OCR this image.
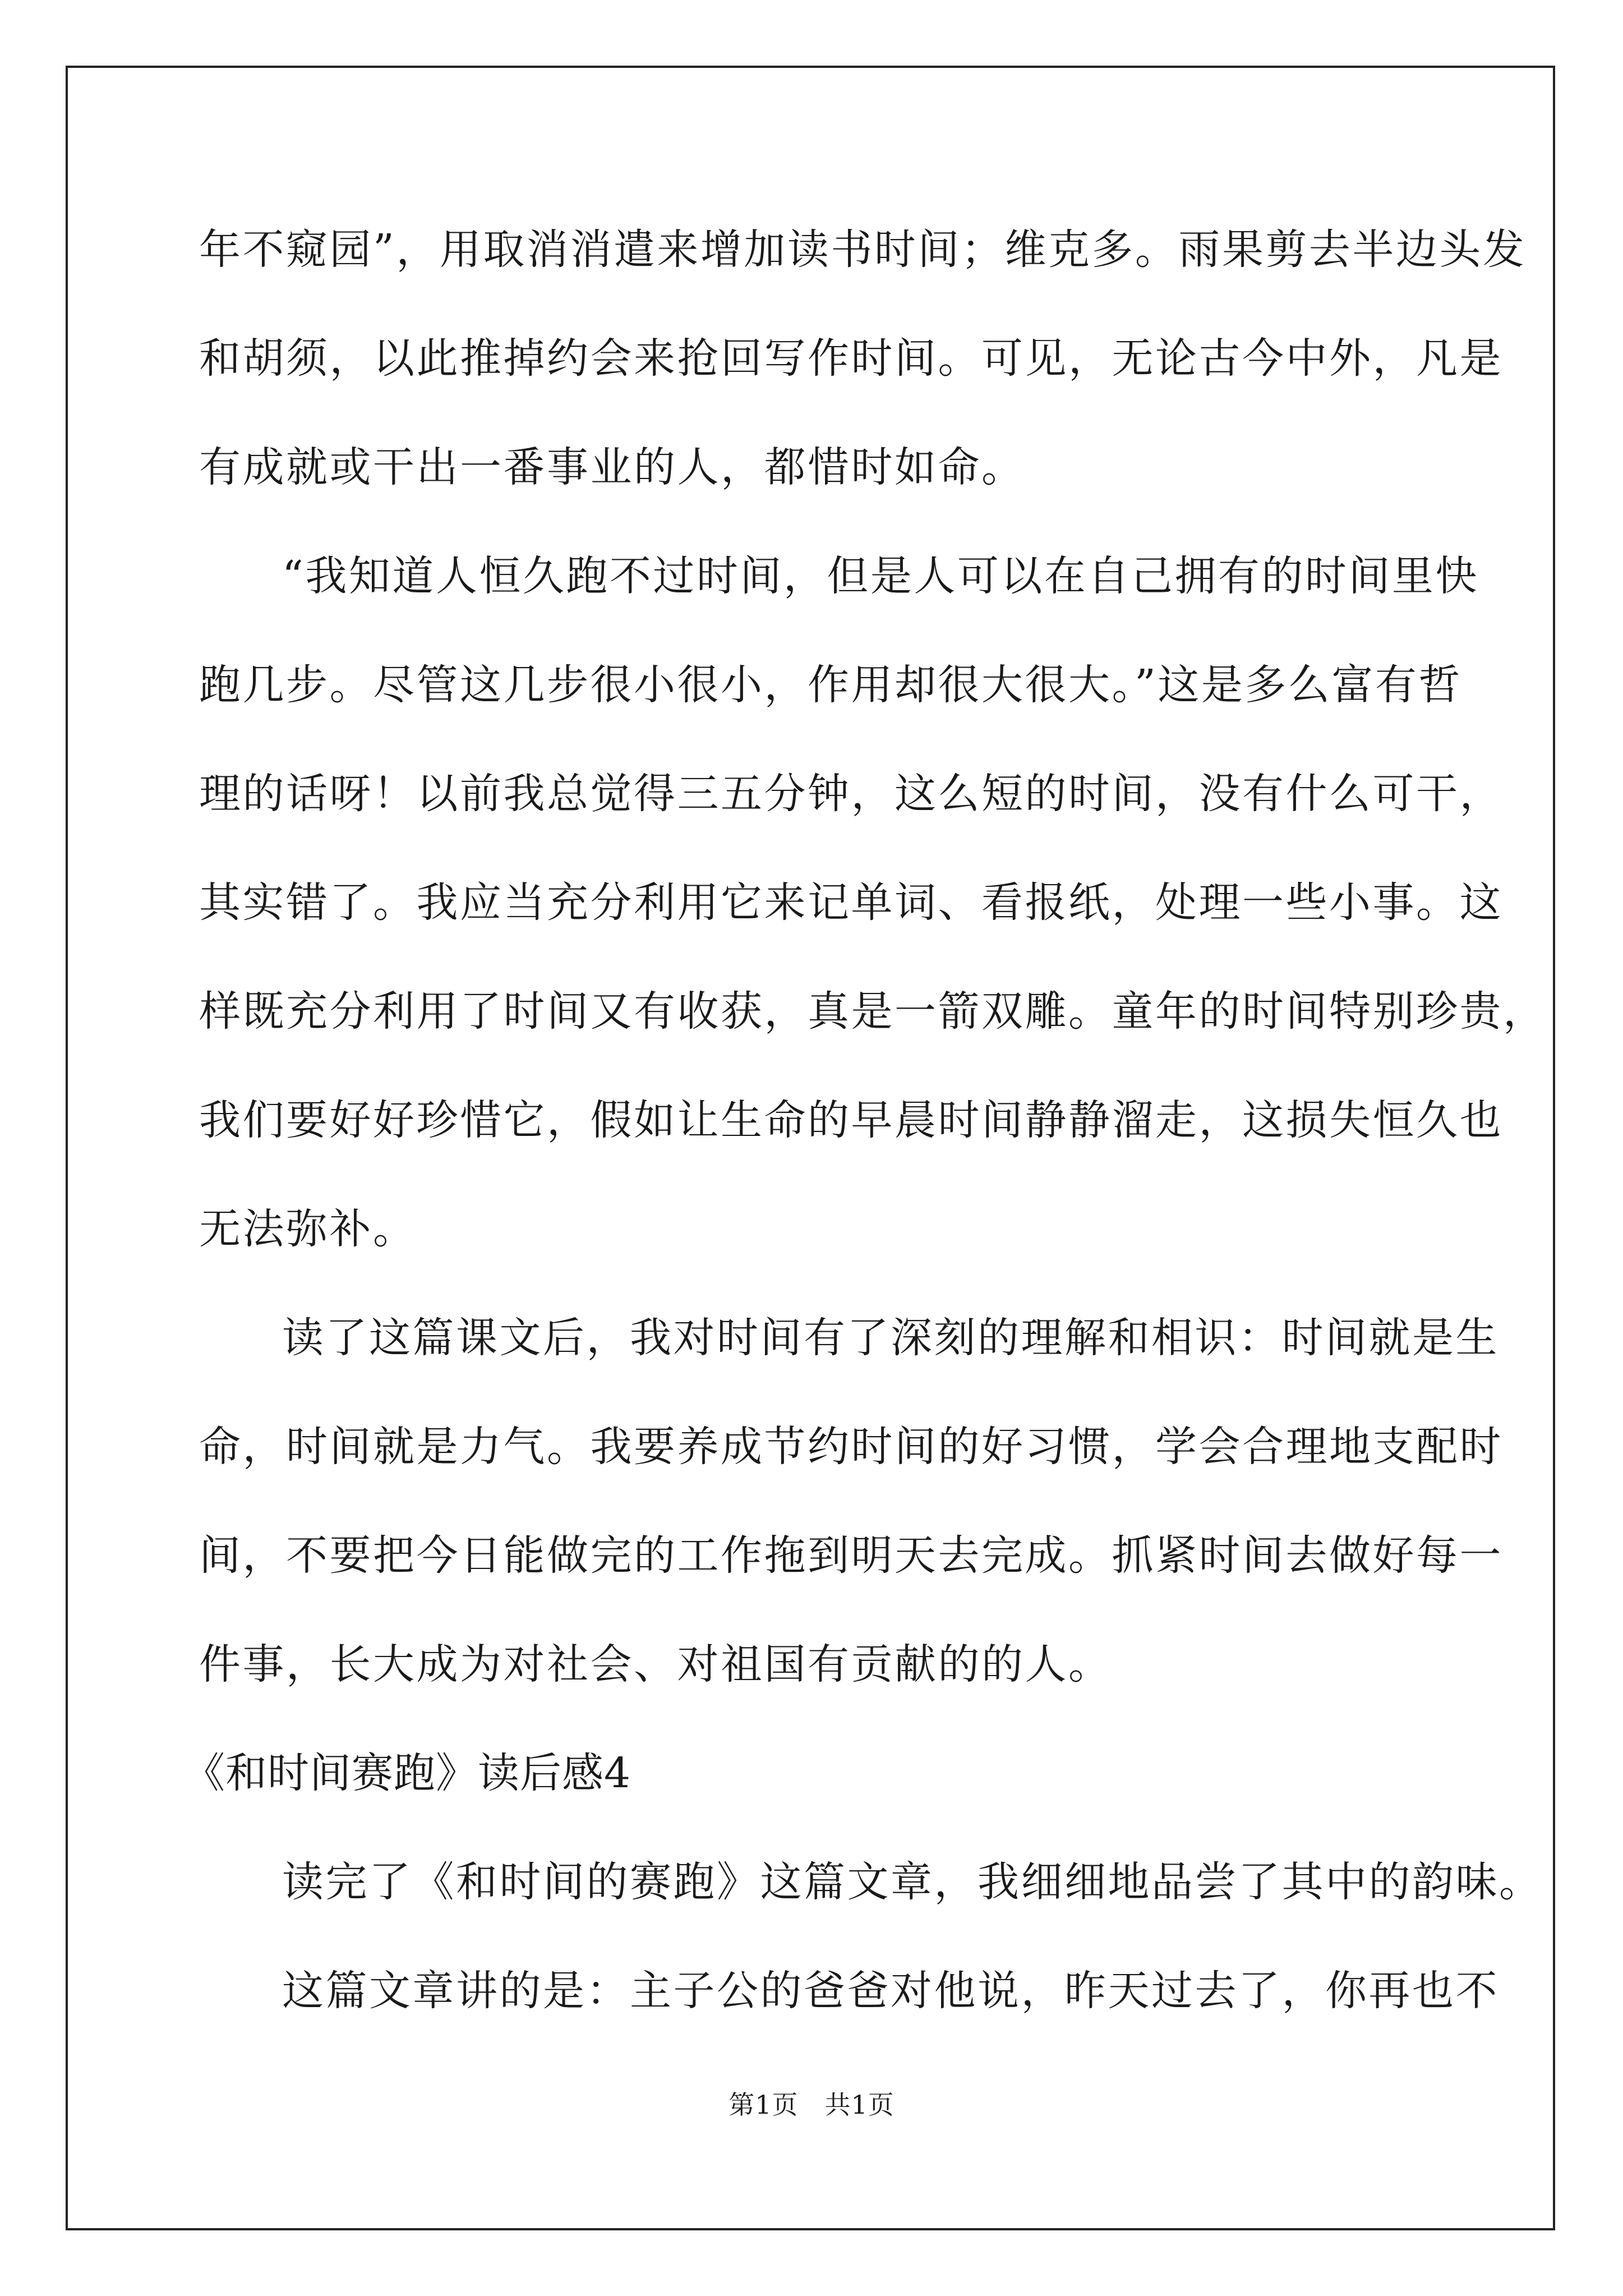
年不窥园”，用取消消遣来增加读书时间；维克多。雨果剪去半边头发
和胡须，以此推掉约会来抢回写作时间。可见，无论古今中外，凡是
有成就或干出一番事业的人，都惜时如命。
“我知道人恒久跑不过时间，但是人可以在自己拥有的时间里快
跑几步。尽管这几步很小很小，作用却很大很大。”这是多么富有哲
理的话呀！以前我总觉得三五分钟，这么短的时间，没有什么可干，
其实错了。我应当充分利用它来记单词、看报纸，处理一些小事。这
样既充分利用了时间又有收获，真是一箭双雕。童年的时间特别珍贵，
我们要好好珍惜它，假如让生命的早晨时间静静溜走，这损失恒久也
无法弥补。
读了这篇课文后，我对时间有了深刻的理解和相识：时间就是生
命，时间就是力气。我要养成节约时间的好习惯，学会合理地支配时
间，不要把今日能做完的工作拖到明天去完成。抓紧时间去做好每一
件事，长大成为对社会、对祖国有贡献的的人。
《和时间赛跑》读后感4
读完了《和时间的赛跑》这篇文章，我细细地品尝了其中的韵味。
这篇文章讲的是：主子公的爸爸对他说，昨天过去了，你再也不
第1页　共1页
